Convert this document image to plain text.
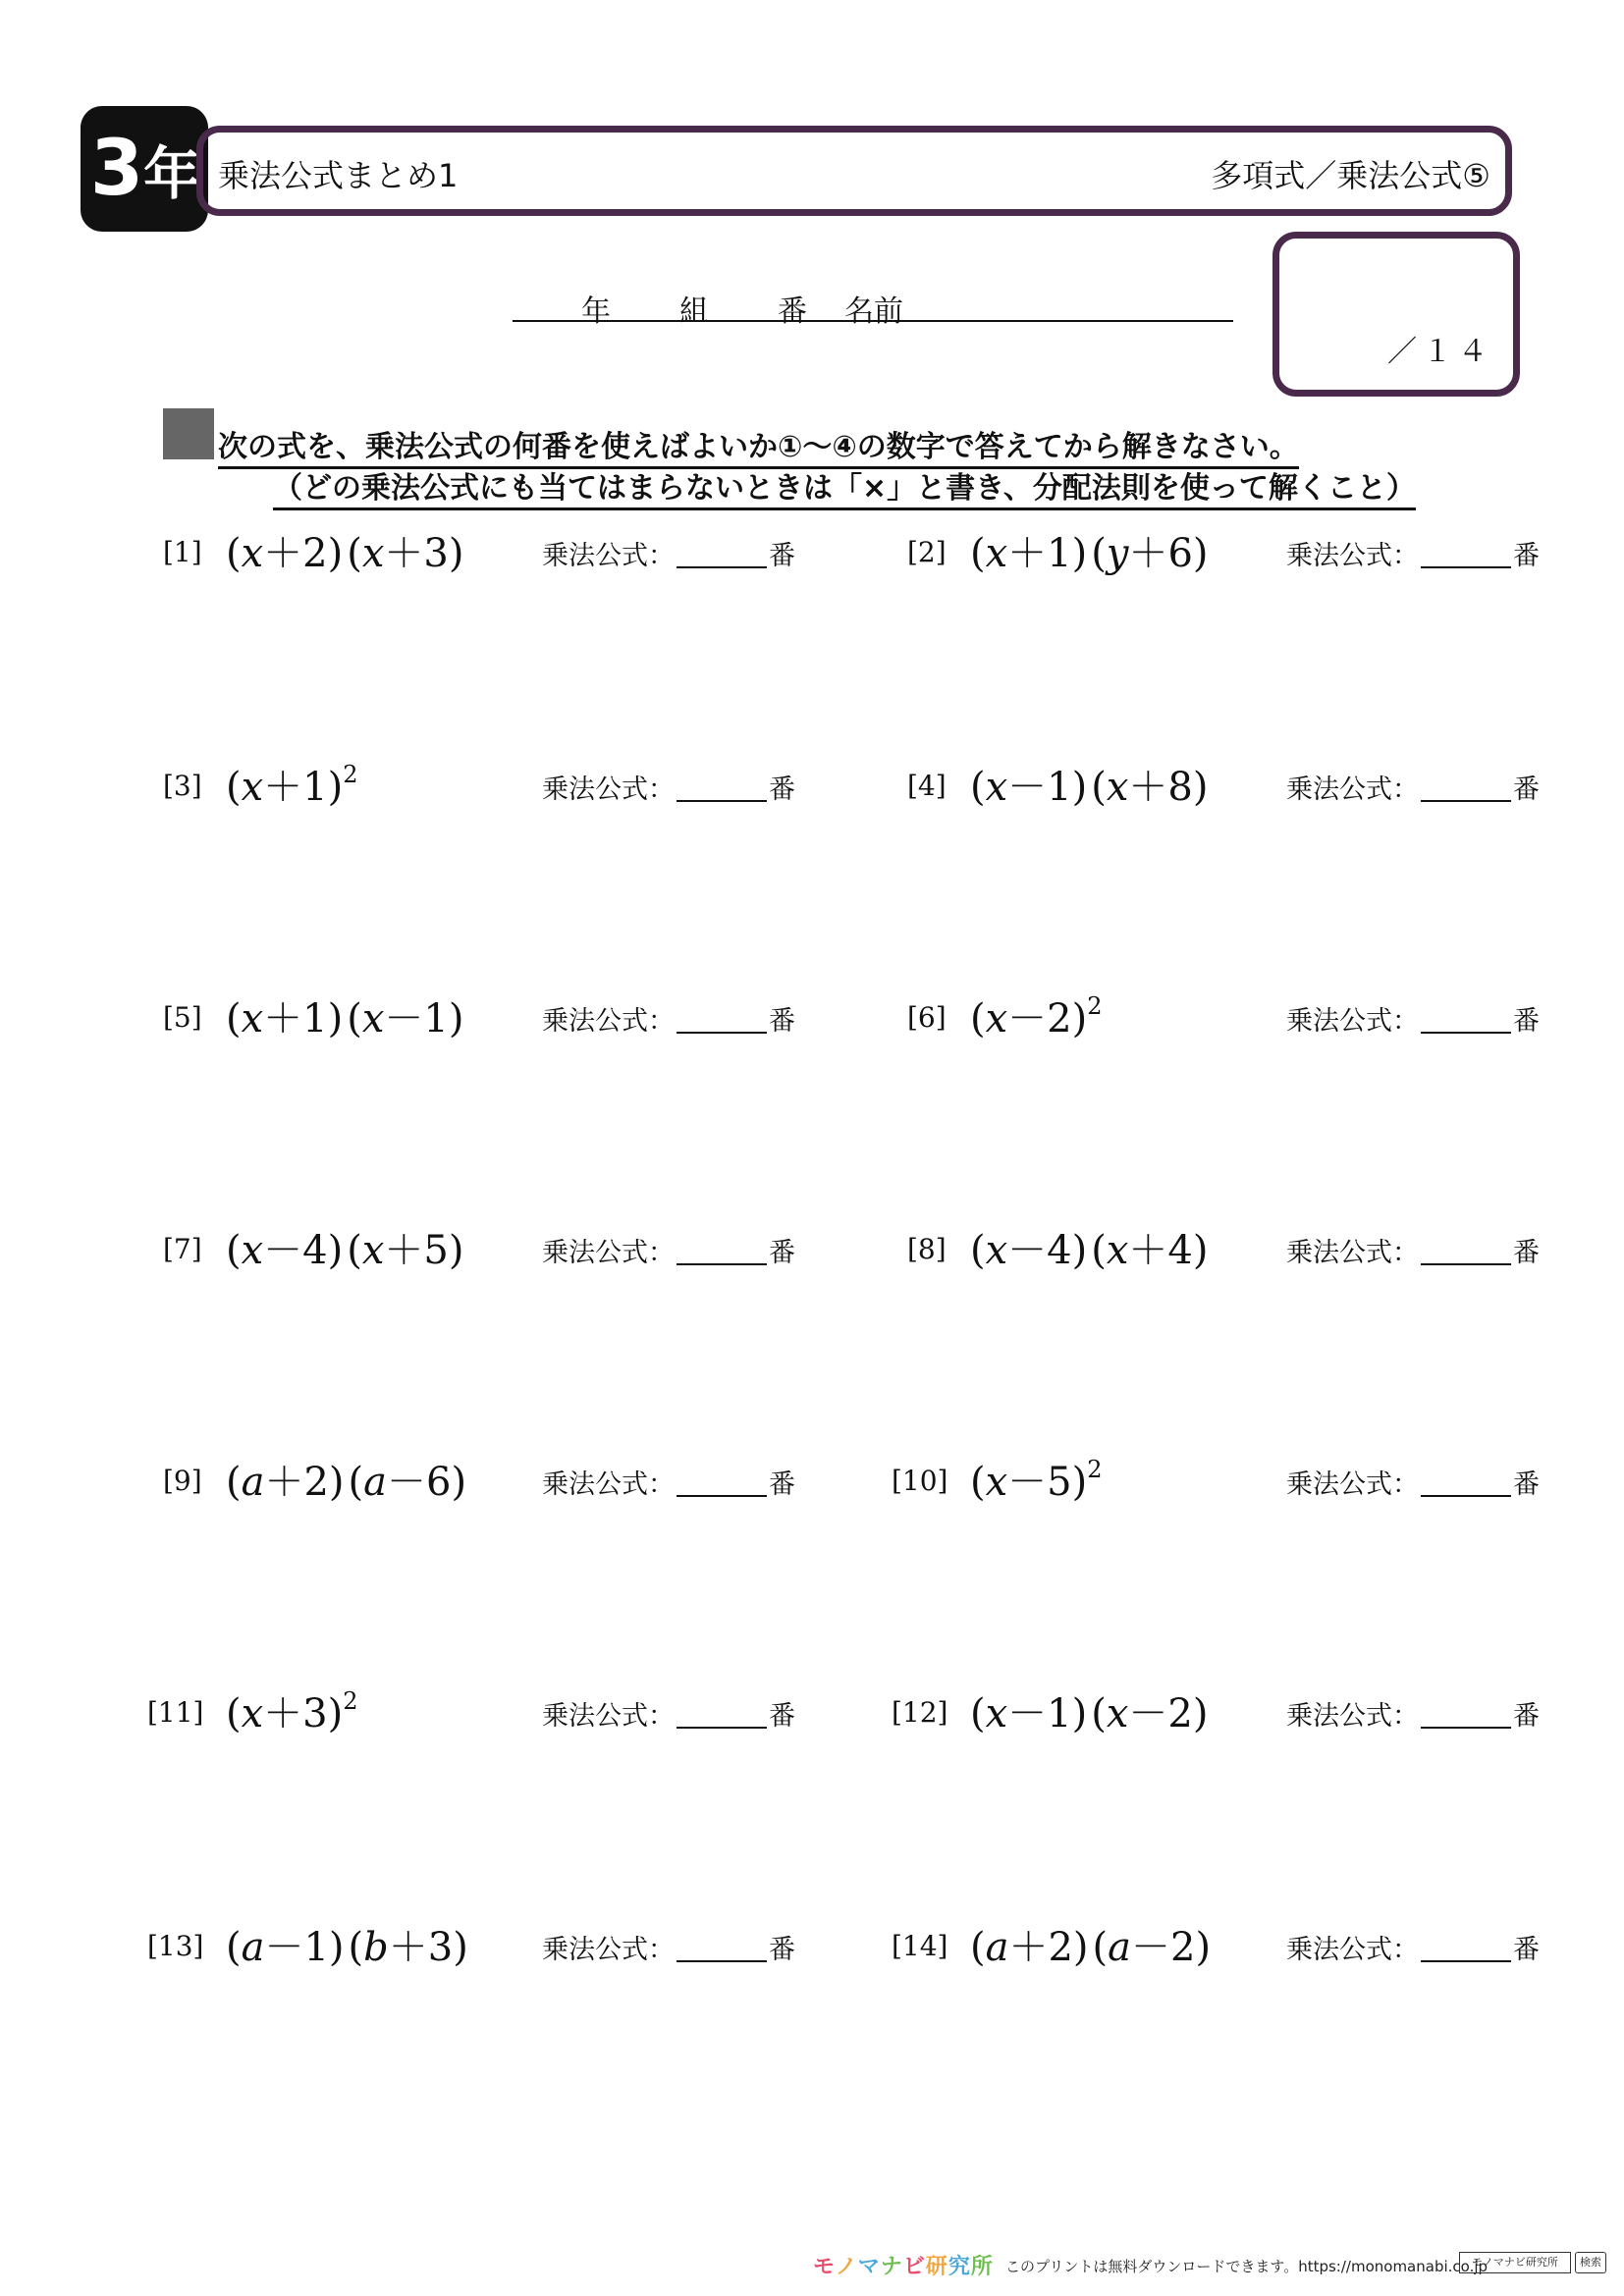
3 年 乗法公式まとめ1	多項式／乗法公式⑤
年 組 番 名前
／１４
次の式を、乗法公式の何番を使えばよいか①～④の数字で答えてから解きなさい。
（どの乗法公式にも当てはまらないときは「×」と書き、分配法則を使って解くこと）
[1] (x＋2) (x＋3)	乗法公式：	番	[2] (x＋1) (y＋6)	乗法公式：	番
[3] $(x+1)^2$	乗法公式：	番	[4] (x－1) (x＋8)	乗法公式：	番
[5] (x＋1) (x－1)	乗法公式：	番	[6] $(x-2)^2$	乗法公式：	番
[7] (x－4) (x＋5)	乗法公式：	番	[8] (x－4) (x＋4)	乗法公式：	番
[9] (a＋2) (a－6)	乗法公式：	番	[10] $(x-5)^2$	乗法公式：	番
[11] $(x+3)^2$	乗法公式：	番	[12] (x－1) (x－2)	乗法公式：	番
[13] (a－1) (b＋3)	乗法公式：	番	[14] (a＋2) (a－2)	乗法公式：	番
モノマナビ研究所 このプリントは無料ダウンロードできます。https://monomanabi.co.jp
モノマナビ研究所	検索
